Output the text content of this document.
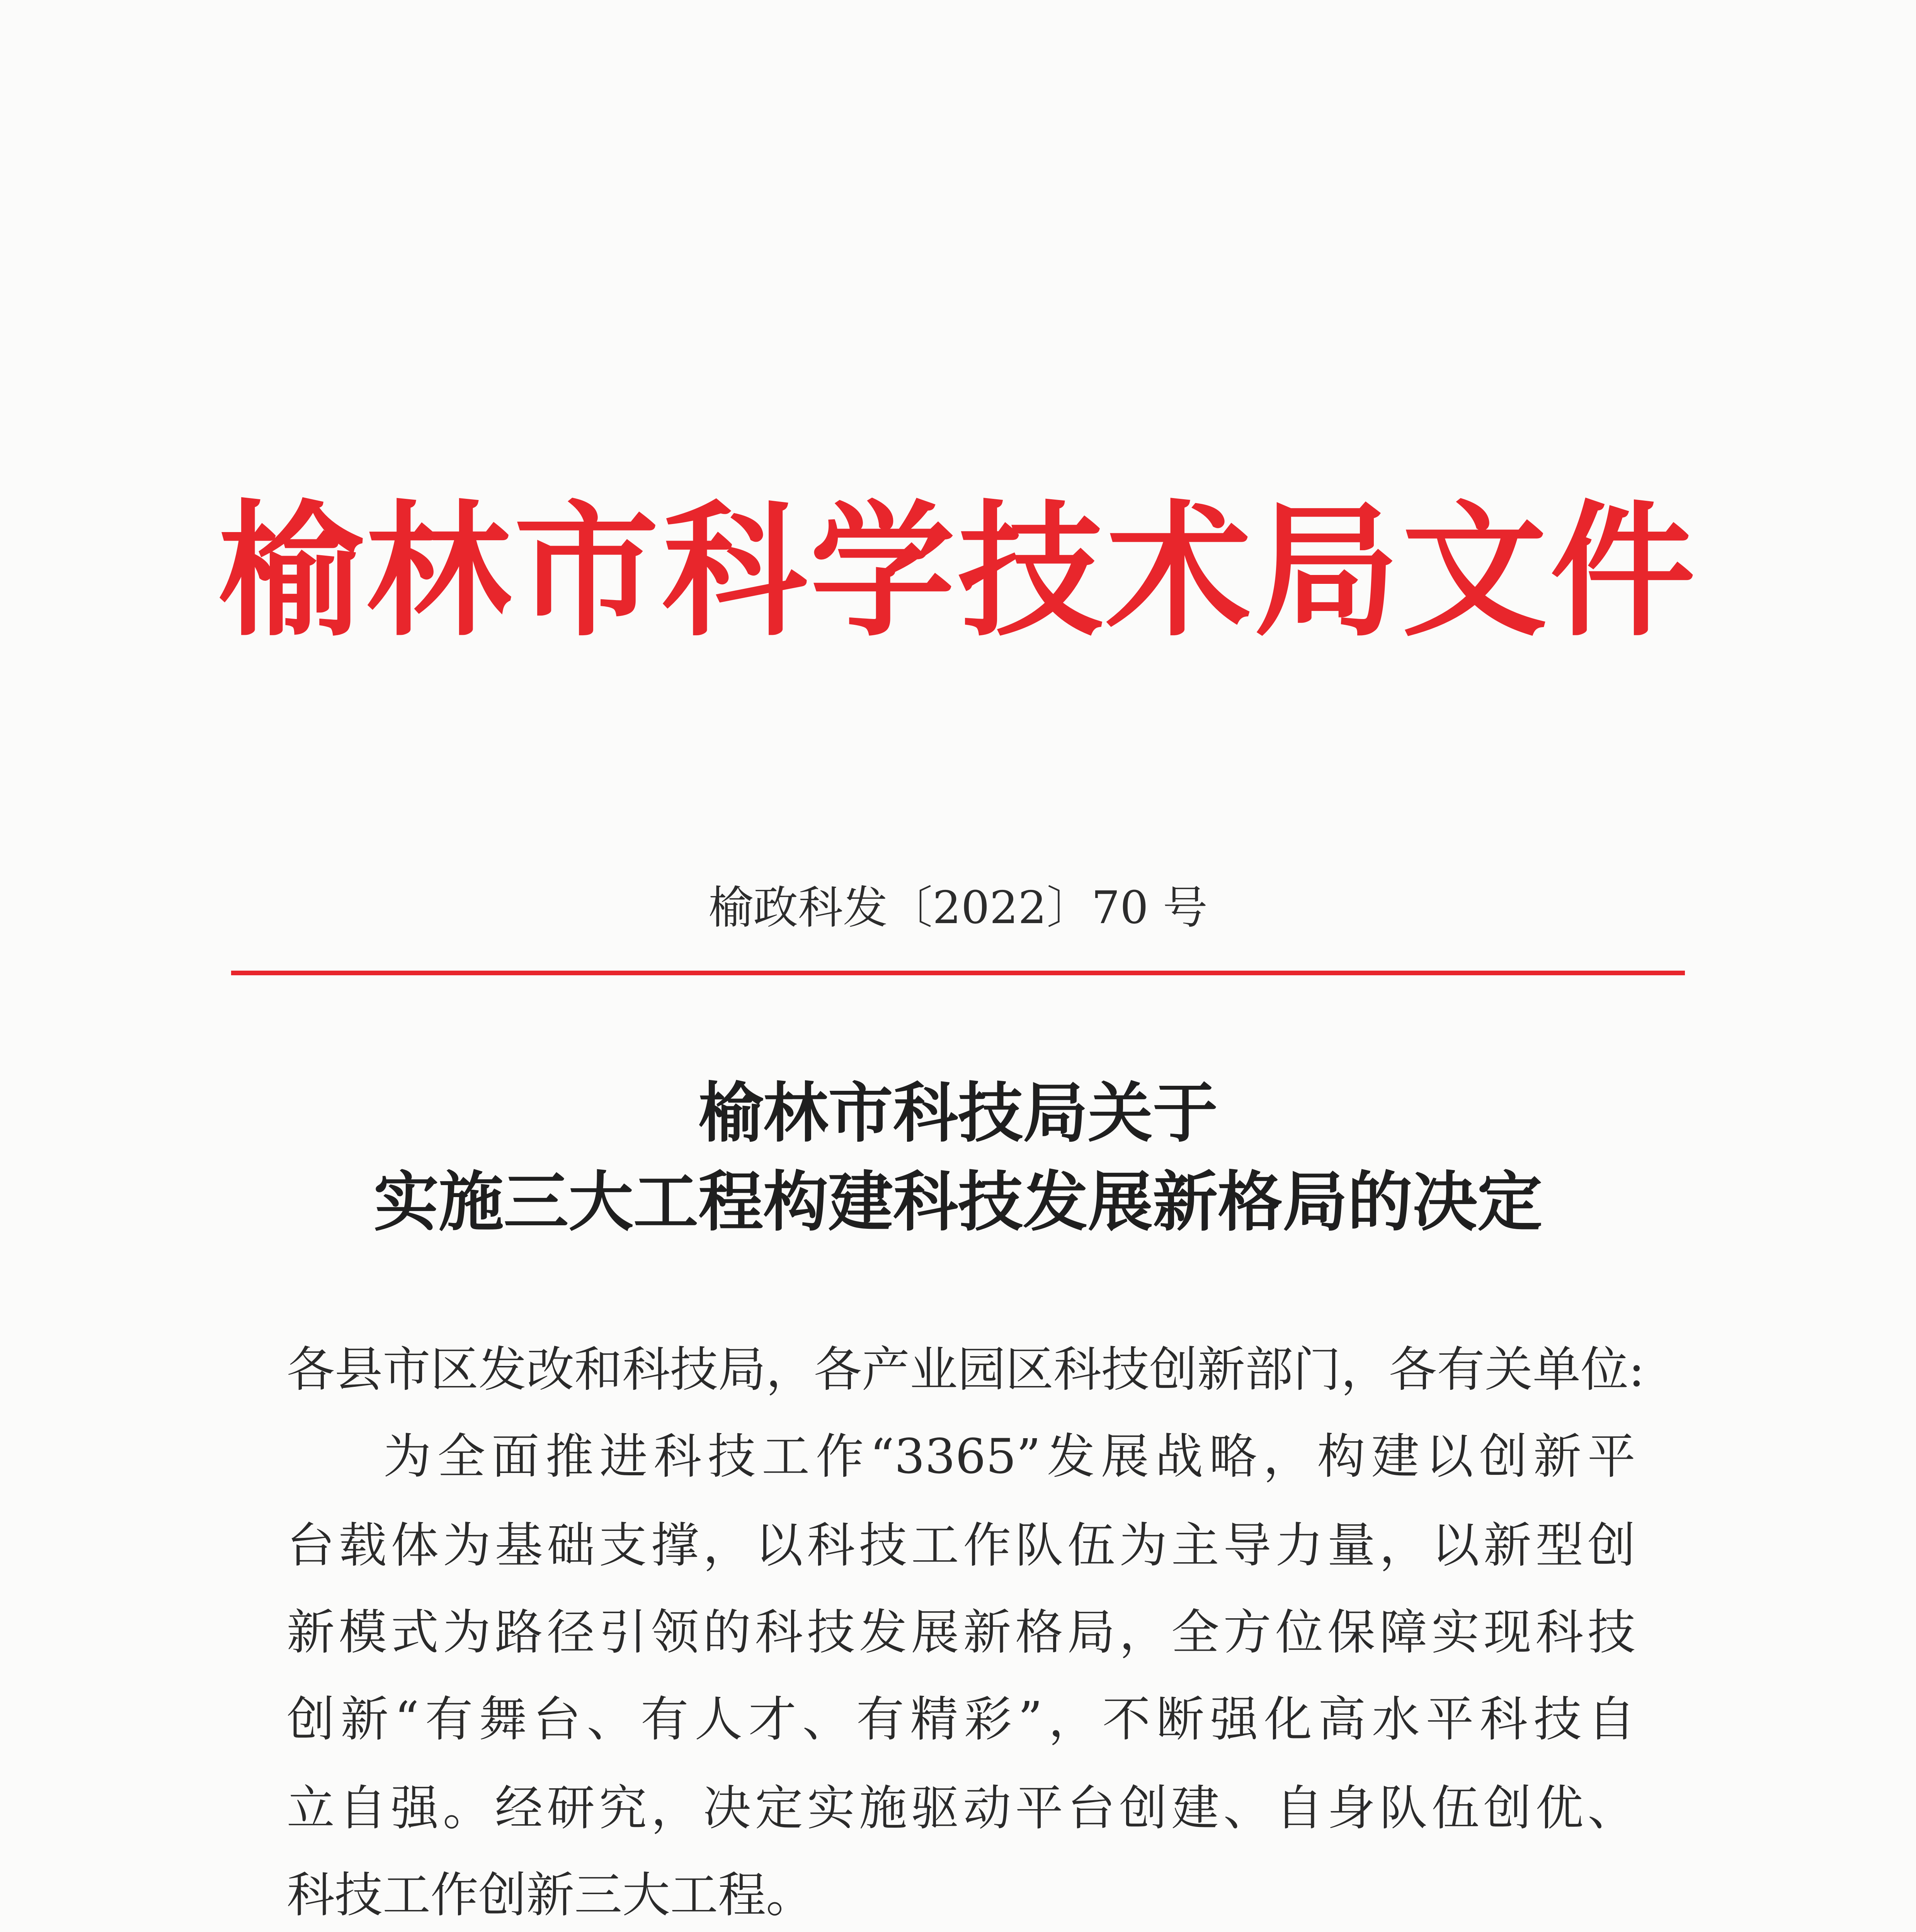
榆林市科学技术局文件
榆政科发〔2022〕70 号
榆林市科技局关于
实施三大工程构建科技发展新格局的决定
各县市区发改和科技局，各产业园区科技创新部门，各有关单位:
为全面推进科技工作“3365”发展战略，构建以创新平
台载体为基础支撑，以科技工作队伍为主导力量，以新型创
新模式为路径引领的科技发展新格局，全方位保障实现科技
创新“有舞台、有人才、有精彩”，不断强化高水平科技自
立自强。经研究，决定实施驱动平台创建、自身队伍创优、
科技工作创新三大工程。
